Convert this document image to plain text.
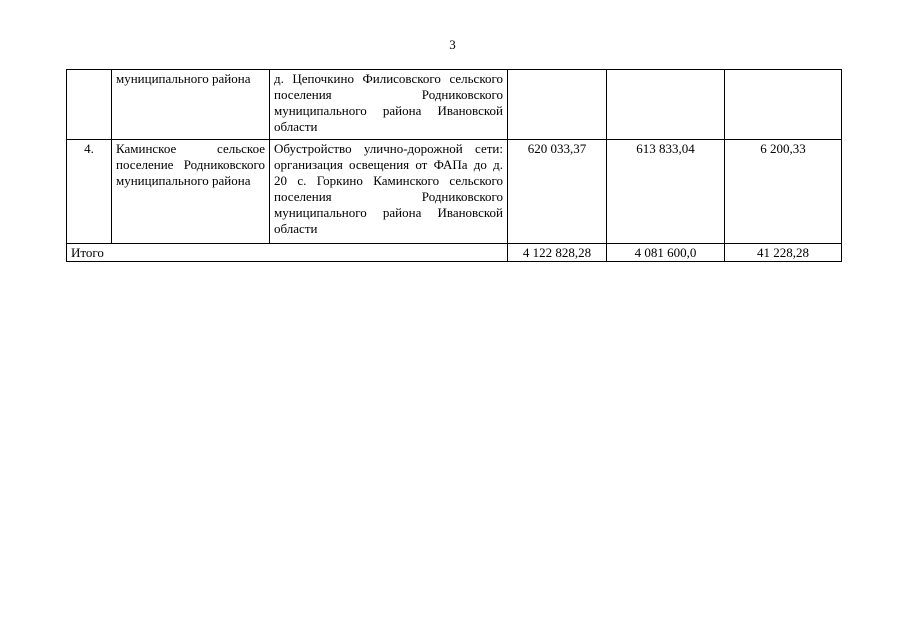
3
	муниципального района	д. Цепочкино Филисовского сельского поселения Родниковского муниципального района Ивановской области			
4.	Каминское сельское поселение Родниковского муниципального района	Обустройство улично-дорожной сети: организация освещения от ФАПа до д. 20 с. Горкино Каминского сельского поселения Родниковского муниципального района Ивановской области	620 033,37	613 833,04	6 200,33
Итого			4 122 828,28	4 081 600,0	41 228,28
